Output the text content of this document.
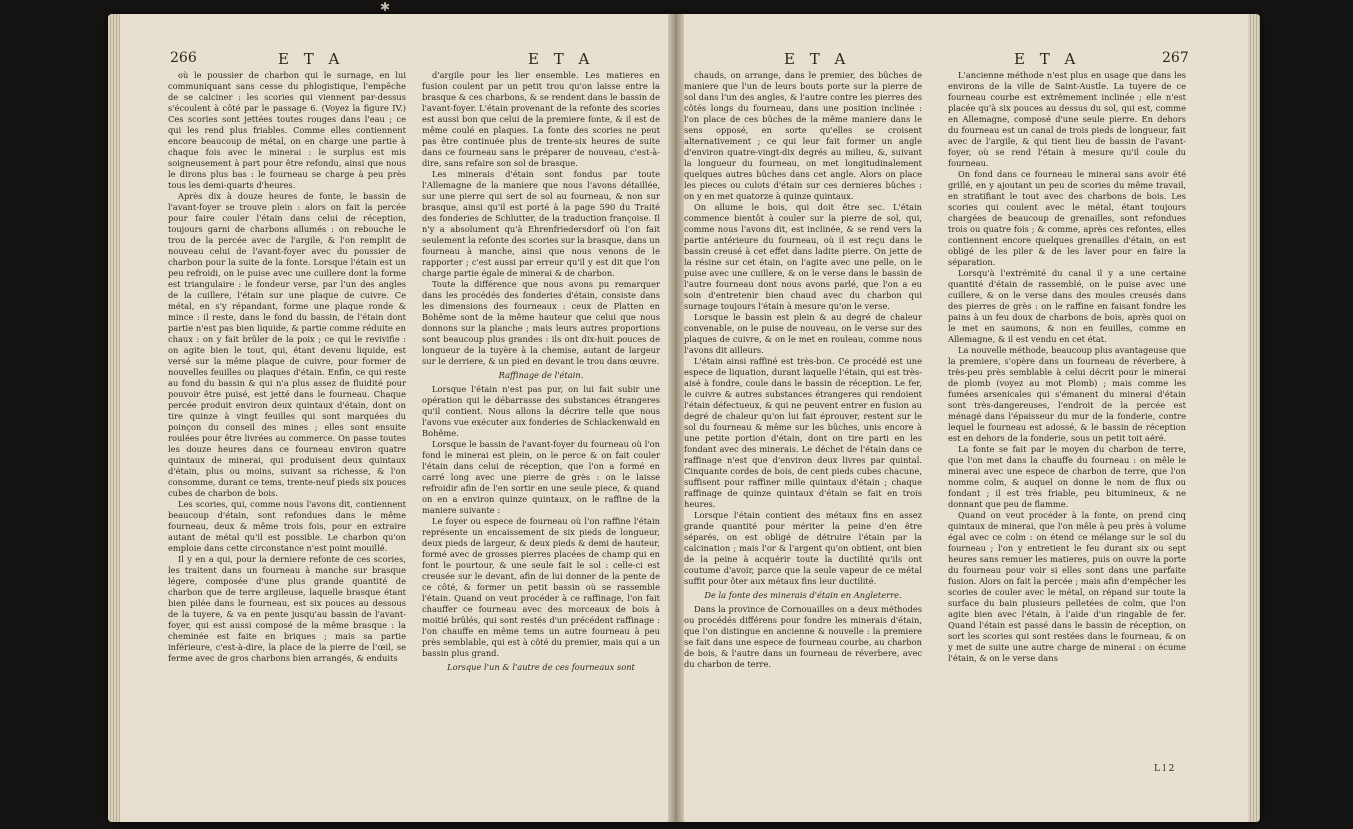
✱
266	E T A	E T A

où le poussier de charbon qui le surnage, en lui communiquant sans cesse du phlogistique, l'empêche de se calciner : les scories qui viennent par-dessus s'écoulent à côté par le passage 6. (Voyez la figure IV.) Ces scories sont jettées toutes rouges dans l'eau ; ce qui les rend plus friables. Comme elles contiennent encore beaucoup de métal, on en charge une partie à chaque fois avec le minerai : le surplus est mis soigneusement à part pour être refondu, ainsi que nous le dirons plus bas : le fourneau se charge à peu près tous les demi-quarts d'heures.

Après dix à douze heures de fonte, le bassin de l'avant-foyer se trouve plein : alors on fait la percée pour faire couler l'étain dans celui de réception, toujours garni de charbons allumés : on rebouche le trou de la percée avec de l'argile, & l'on remplit de nouveau celui de l'avant-foyer avec du poussier de charbon pour la suite de la fonte. Lorsque l'étain est un peu refroidi, on le puise avec une cuillere dont la forme est triangulaire : le fondeur verse, par l'un des angles de la cuillere, l'étain sur une plaque de cuivre. Ce métal, en s'y répandant, forme une plaque ronde & mince : il reste, dans le fond du bassin, de l'étain dont partie n'est pas bien liquide, & partie comme réduite en chaux : on y fait brûler de la poix ; ce qui le revivifie : on agite bien le tout, qui, étant devenu liquide, est versé sur la même plaque de cuivre, pour former de nouvelles feuilles ou plaques d'étain. Enfin, ce qui reste au fond du bassin & qui n'a plus assez de fluidité pour pouvoir être puisé, est jetté dans le fourneau. Chaque percée produit environ deux quintaux d'étain, dont on tire quinze à vingt feuilles qui sont marquées du poinçon du conseil des mines ; elles sont ensuite roulées pour être livrées au commerce. On passe toutes les douze heures dans ce fourneau environ quatre quintaux de minerai, qui produisent deux quintaux d'étain, plus ou moins, suivant sa richesse, & l'on consomme, durant ce tems, trente-neuf pieds six pouces cubes de charbon de bois.

Les scories, qui, comme nous l'avons dit, contiennent beaucoup d'étain, sont refondues dans le même fourneau, deux & même trois fois, pour en extraire autant de métal qu'il est possible. Le charbon qu'on emploie dans cette circonstance n'est point mouillé.

Il y en a qui, pour la derniere refonte de ces scories, les traitent dans un fourneau à manche sur brasque légere, composée d'une plus grande quantité de charbon que de terre argileuse, laquelle brasque étant bien pilée dans le fourneau, est six pouces au dessous de la tuyere, & va en pente jusqu'au bassin de l'avant-foyer, qui est aussi composé de la même brasque : la cheminée est faite en briques ; mais sa partie inférieure, c'est-à-dire, la place de la pierre de l'œil, se ferme avec de gros charbons bien arrangés, & enduits

d'argile pour les lier ensemble. Les matieres en fusion coulent par un petit trou qu'on laisse entre la brasque & ces charbons, & se rendent dans le bassin de l'avant-foyer. L'étain provenant de la refonte des scories est aussi bon que celui de la premiere fonte, & il est de même coulé en plaques. La fonte des scories ne peut pas être continuée plus de trente-six heures de suite dans ce fourneau sans le préparer de nouveau, c'est-à-dire, sans refaire son sol de brasque.

Les minerais d'étain sont fondus par toute l'Allemagne de la maniere que nous l'avons détaillée, sur une pierre qui sert de sol au fourneau, & non sur brasque, ainsi qu'il est porté à la page 590 du Traité des fonderies de Schlutter, de la traduction françoise. Il n'y a absolument qu'à Ehrenfriedersdorf où l'on fait seulement la refonte des scories sur la brasque, dans un fourneau à manche, ainsi que nous venons de le rapporter ; c'est aussi par erreur qu'il y est dit que l'on charge partie égale de minerai & de charbon.

Toute la différence que nous avons pu remarquer dans les procédés des fonderies d'étain, consiste dans les dimensions des fourneaux : ceux de Platten en Bohême sont de la même hauteur que celui que nous donnons sur la planche ; mais leurs autres proportions sont beaucoup plus grandes : ils ont dix-huit pouces de longueur de la tuyère à la chemise, autant de largeur sur le derriere, & un pied en devant le trou dans œuvre.

Raffinage de l'étain.

Lorsque l'étain n'est pas pur, on lui fait subir une opération qui le débarrasse des substances étrangeres qu'il contient. Nous allons la décrire telle que nous l'avons vue exécuter aux fonderies de Schlackenwald en Bohême.

Lorsque le bassin de l'avant-foyer du fourneau où l'on fond le minerai est plein, on le perce & on fait couler l'étain dans celui de réception, que l'on a formé en carré long avec une pierre de grès : on le laisse refroidir afin de l'en sortir en une seule piece, & quand on en a environ quinze quintaux, on le raffine de la maniere suivante :

Le foyer ou espece de fourneau où l'on raffine l'étain représente un encaissement de six pieds de longueur, deux pieds de largeur, & deux pieds & demi de hauteur, formé avec de grosses pierres placées de champ qui en font le pourtour, & une seule fait le sol : celle-ci est creusée sur le devant, afin de lui donner de la pente de ce côté, & former un petit bassin où se rassemble l'étain. Quand on veut procéder à ce raffinage, l'on fait chauffer ce fourneau avec des morceaux de bois à moitié brûlés, qui sont restés d'un précédent raffinage : l'on chauffe en même tems un autre fourneau à peu près semblable, qui est à côté du premier, mais qui a un bassin plus grand.

Lorsque l'un & l'autre de ces fourneaux sont

E T A	E T A	267

chauds, on arrange, dans le premier, des bûches de maniere que l'un de leurs bouts porte sur la pierre de sol dans l'un des angles, & l'autre contre les pierres des côtés longs du fourneau, dans une position inclinée : l'on place de ces bûches de la même maniere dans le sens opposé, en sorte qu'elles se croisent alternativement ; ce qui leur fait former un angle d'environ quatre-vingt-dix degrés au milieu, &, suivant la longueur du fourneau, on met longitudinalement quelques autres bûches dans cet angle. Alors on place les pieces ou culots d'étain sur ces dernieres bûches : on y en met quatorze à quinze quintaux.

On allume le bois, qui doit être sec. L'étain commence bientôt à couler sur la pierre de sol, qui, comme nous l'avons dit, est inclinée, & se rend vers la partie antérieure du fourneau, où il est reçu dans le bassin creusé à cet effet dans ladite pierre. On jette de la résine sur cet étain, on l'agite avec une pelle, on le puise avec une cuillere, & on le verse dans le bassin de l'autre fourneau dont nous avons parlé, que l'on a eu soin d'entretenir bien chaud avec du charbon qui surnage toujours l'étain à mesure qu'on le verse.

Lorsque le bassin est plein & au degré de chaleur convenable, on le puise de nouveau, on le verse sur des plaques de cuivre, & on le met en rouleau, comme nous l'avons dit ailleurs.

L'étain ainsi raffiné est très-bon. Ce procédé est une espece de liquation, durant laquelle l'étain, qui est très-aisé à fondre, coule dans le bassin de réception. Le fer, le cuivre & autres substances étrangeres qui rendoient l'étain défectueux, & qui ne peuvent entrer en fusion au degré de chaleur qu'on lui fait éprouver, restent sur le sol du fourneau & même sur les bûches, unis encore à une petite portion d'étain, dont on tire parti en les fondant avec des minerais. Le déchet de l'étain dans ce raffinage n'est que d'environ deux livres par quintal. Cinquante cordes de bois, de cent pieds cubes chacune, suffisent pour raffiner mille quintaux d'étain ; chaque raffinage de quinze quintaux d'étain se fait en trois heures.

Lorsque l'étain contient des métaux fins en assez grande quantité pour mériter la peine d'en être séparés, on est obligé de détruire l'étain par la calcination ; mais l'or & l'argent qu'on obtient, ont bien de la peine à acquérir toute la ductilité qu'ils ont coutume d'avoir, parce que la seule vapeur de ce métal suffit pour ôter aux métaux fins leur ductilité.

De la fonte des minerais d'étain en Angleterre.

Dans la province de Cornouailles on a deux méthodes ou procédés différens pour fondre les minerais d'étain, que l'on distingue en ancienne & nouvelle : la premiere se fait dans une espece de fourneau courbe, au charbon de bois, & l'autre dans un fourneau de réverbere, avec du charbon de terre.

L'ancienne méthode n'est plus en usage que dans les environs de la ville de Saint-Austle. La tuyere de ce fourneau courbe est extrêmement inclinée ; elle n'est placée qu'à six pouces au dessus du sol, qui est, comme en Allemagne, composé d'une seule pierre. En dehors du fourneau est un canal de trois pieds de longueur, fait avec de l'argile, & qui tient lieu de bassin de l'avant-foyer, où se rend l'étain à mesure qu'il coule du fourneau.

On fond dans ce fourneau le minerai sans avoir été grillé, en y ajoutant un peu de scories du même travail, en stratifiant le tout avec des charbons de bois. Les scories qui coulent avec le métal, étant toujours chargées de beaucoup de grenailles, sont refondues trois ou quatre fois ; & comme, après ces refontes, elles contiennent encore quelques grenailles d'étain, on est obligé de les piler & de les laver pour en faire la séparation.

Lorsqu'à l'extrémité du canal il y a une certaine quantité d'étain de rassemblé, on le puise avec une cuillere, & on le verse dans des moules creusés dans des pierres de grès : on le raffine en faisant fondre les pains à un feu doux de charbons de bois, après quoi on le met en saumons, & non en feuilles, comme en Allemagne, & il est vendu en cet état.

La nouvelle méthode, beaucoup plus avantageuse que la premiere, s'opère dans un fourneau de réverbere, à très-peu près semblable à celui décrit pour le minerai de plomb (voyez au mot Plomb) ; mais comme les fumées arsenicales qui s'émanent du minerai d'étain sont très-dangereuses, l'endroit de la percée est ménagé dans l'épaisseur du mur de la fonderie, contre lequel le fourneau est adossé, & le bassin de réception est en dehors de la fonderie, sous un petit toit aéré.

La fonte se fait par le moyen du charbon de terre, que l'on met dans la chauffe du fourneau : on mêle le minerai avec une espece de charbon de terre, que l'on nomme colm, & auquel on donne le nom de flux ou fondant ; il est très friable, peu bitumineux, & ne donnant que peu de flamme.

Quand on veut procéder à la fonte, on prend cinq quintaux de minerai, que l'on mêle à peu près à volume égal avec ce colm : on étend ce mélange sur le sol du fourneau ; l'on y entretient le feu durant six ou sept heures sans remuer les matieres, puis on ouvre la porte du fourneau pour voir si elles sont dans une parfaite fusion. Alors on fait la percée ; mais afin d'empêcher les scories de couler avec le métal, on répand sur toute la surface du bain plusieurs pelletées de colm, que l'on agite bien avec l'étain, à l'aide d'un ringable de fer. Quand l'étain est passé dans le bassin de réception, on sort les scories qui sont restées dans le fourneau, & on y met de suite une autre charge de minerai : on écume l'étain, & on le verse dans

L l 2
